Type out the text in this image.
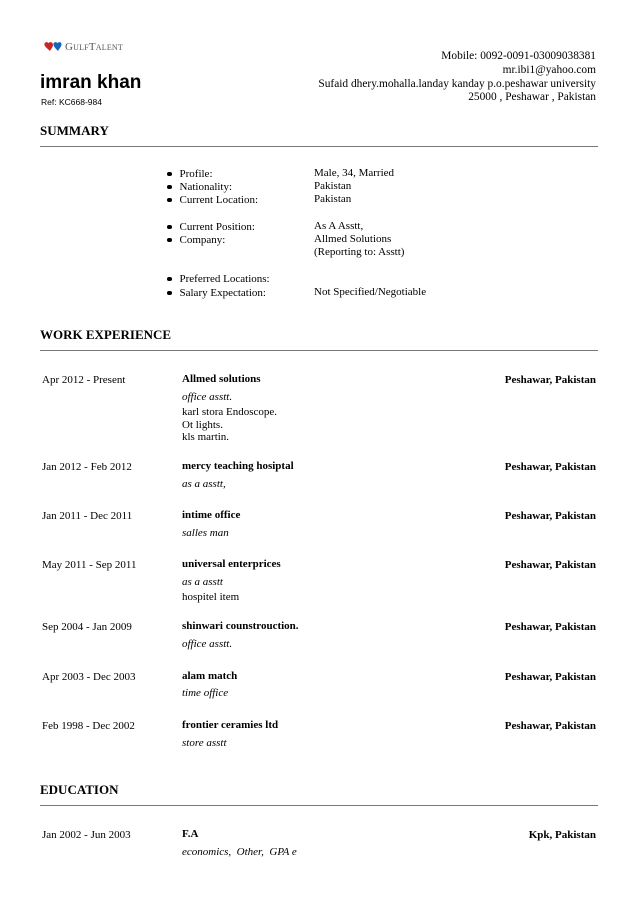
GulfTalent
Mobile: 0092-0091-03009038381
mr.ibi1@yahoo.com
Sufaid dhery.mohalla.landay kanday p.o.peshawar university
25000 , Peshawar , Pakistan
imran khan
Ref: KC668-984
SUMMARY
Profile:	Male, 34, Married
Nationality:	Pakistan
Current Location:	Pakistan
Current Position:	As A Asstt,
Company:	Allmed Solutions
(Reporting to: Asstt)
Preferred Locations:
Salary Expectation:	Not Specified/Negotiable
WORK EXPERIENCE
Apr 2012 - Present	Allmed solutions	Peshawar, Pakistan
office asstt.
karl stora Endoscope.
Ot lights.
kls martin.
Jan 2012 - Feb 2012	mercy teaching hosiptal	Peshawar, Pakistan
as a asstt,
Jan 2011 - Dec 2011	intime office	Peshawar, Pakistan
salles man
May 2011 - Sep 2011	universal enterprices	Peshawar, Pakistan
as a asstt
hospitel item
Sep 2004 - Jan 2009	shinwari counstrouction.	Peshawar, Pakistan
office asstt.
Apr 2003 - Dec 2003	alam match	Peshawar, Pakistan
time office
Feb 1998 - Dec 2002	frontier ceramies ltd	Peshawar, Pakistan
store asstt
EDUCATION
Jan 2002 - Jun 2003	F.A	Kpk, Pakistan
economics,  Other,  GPA e
